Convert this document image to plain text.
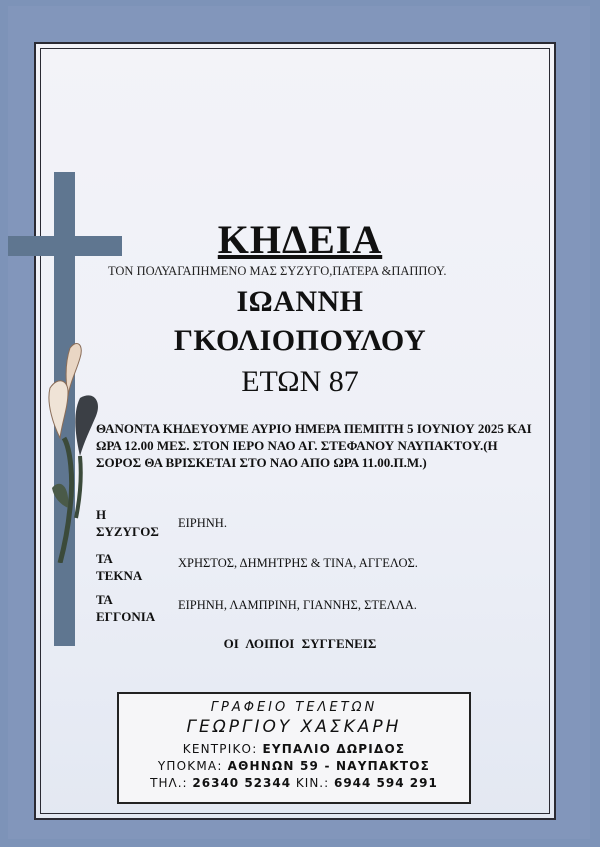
ΚΗΔΕΙΑ
ΤΟΝ ΠΟΛΥΑΓΑΠΗΜΕΝΟ ΜΑΣ ΣΥΖΥΓΟ,ΠΑΤΕΡΑ &ΠΑΠΠΟΥ.
ΙΩΑΝΝΗ
ΓΚΟΛΙΟΠΟΥΛΟΥ
ΕΤΩΝ 87
ΘΑΝΟΝΤΑ ΚΗΔΕΥΟΥΜΕ ΑΥΡΙΟ ΗΜΕΡΑ ΠΕΜΠΤΗ 5 ΙΟΥΝΙΟΥ 2025 ΚΑΙ ΩΡΑ 12.00 ΜΕΣ. ΣΤΟΝ ΙΕΡΟ ΝΑΟ ΑΓ. ΣΤΕΦΑΝΟΥ ΝΑΥΠΑΚΤΟΥ.(Η ΣΟΡΟΣ ΘΑ ΒΡΙΣΚΕΤΑΙ ΣΤΟ ΝΑΟ ΑΠΟ ΩΡΑ 11.00.Π.Μ.)
Η
ΣΥΖΥΓΟΣ
ΕΙΡΗΝΗ.
ΤΑ
ΤΕΚΝΑ
ΧΡΗΣΤΟΣ, ΔΗΜΗΤΡΗΣ & ΤΙΝΑ, ΑΓΓΕΛΟΣ.
ΤΑ
ΕΓΓΟΝΙΑ
ΕΙΡΗΝΗ, ΛΑΜΠΡΙΝΗ, ΓΙΑΝΝΗΣ, ΣΤΕΛΛΑ.
ΟΙ ΛΟΙΠΟΙ ΣΥΓΓΕΝΕΙΣ
ΓΡΑΦΕΙΟ ΤΕΛΕΤΩΝ
ΓΕΩΡΓΙΟΥ ΧΑΣΚΑΡΗ
ΚΕΝΤΡΙΚΟ: ΕΥΠΑΛΙΟ ΔΩΡΙΔΟΣ
ΥΠΟΚΜΑ: ΑΘΗΝΩΝ 59 - ΝΑΥΠΑΚΤΟΣ
ΤΗΛ.: 26340 52344 ΚΙΝ.: 6944 594 291
